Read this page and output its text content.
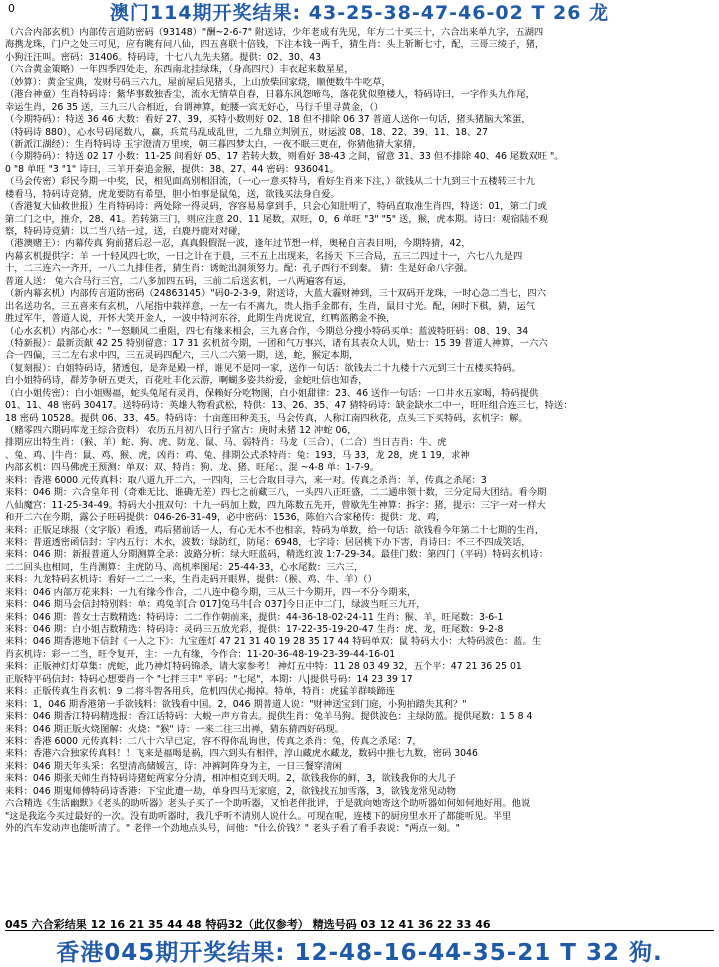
0	澳门114期开奖结果: 43-25-38-47-46-02 T 26 龙
（六合内部玄机）内部传言道防密码（93148）"酬~2-6-7" 附送诗，少年老成有先见，年方二十买三十，六合出来单九字，五湖四
海携龙珠，门户之处三可见，应有眺有问八仙，四五喜联十倍钱，下注本钱一两千，猜生肖：头上斩断七寸，配，三哥三绫子，猪，
小狗汪汪叫。密码：31406。特码诗，十七八九先夫猪。提供：02、30、43
（六合黄金策略）一年四季四处走，东西南北挂绿珠，（身高四尺）丰衣起来数星星，
（妙算）：黄金宝典，发财号码三六九，屋前屋后见猪头，上山放柴回家烧，顺便数牛牛吃草，
（港台神童）生肖特码诗：紫华事数独香尘，流水无情草自春，日暮东风怨啼鸟，落花犹似堕楼人，特码诗曰，一字作头九作尾，
幸运生肖，26 35 送，三九三八合相近，台谓神算，蛇腰一宾无好心，马行千里寻黄金，（）
（今期特码）：特送 36 46 大数：看好 27、39，买特小数则好 02、18 但不排除 06 37 普道人送你一句话，猪头猪脑大笨蛋，
（特码诗 880），心水号码尾数八，赢，兵荒马乱成乱世，二九鼎立判别五，财运波 08、18、22、39、11、18、27
（新派江湖经）：生肖特码诗 玉宇澄清万里埃，朝三暮四梦太白，一夜不眠三更在，你猜他猜大家猜，
（今期特码）：特送 02 17 小数：11-25 间看好 05、17 若转大数，则看好 38-43 之间，留意 31、33 但不排除 40、46 尾数双旺 "。
0 "8 单旺 "3 "1" 诗曰，三羊开泰追金猴，提供：38、27、44 密码：936041。
（马会传密）彩民今期一中奖，民，相见面高别相泪流，（一心一意买特马，看好生肖来下注，）欲钱从二十九到三十五楼转三十九
楼看马，特码诗竞猜，虎龙要防有希望，胆小怕事是鼠兔，送，欲钱买法身自爱。
（香港复大仙救世报）生肖特码诗：两处除一得灵码，容容易易拿到手，只会心知肚明了，特码直取准生肖四，特送：01，第二门或
第二门之中，推介，28、41。若转第三门，则应注意 20、11 尾数，双旺，0，6 单旺 "3" "5" 送，猴，虎本期。诗曰：观宿陆不观
察，特码诗竞猜：以二当八结一过，送，白鹿丹鹿对对碰，
（港澳赌王）：内幕传真 狗前猪后忍一忍，真真假假混一波，逢年过节想一样，奥秘自言表目明，今期特猜，42，
内幕玄机提供字：羊 一十轻风四七吹，一日之计在于晨，三不五上出现来，名扬天 下三合局，五三二四过十一，六七八九是四
十，二三连六一齐开，一八二九排佳者，猜生肖：诱蛇出洞须努力。配：孔子西行不到秦。 猜：生是好命八字强。
普道人送： 兔六合马行三宫，二八多加四五码，三前二后送玄机，一八两遍客有运，
（新内幕玄机）内部传言道防密码（24863145）"码0-2-3-9，附送诗，大蓝大霾财神到，三十双码开龙珠，一时心急二当七，四六
出名送功名，三五喜来有玄机，八尾指中载祥意，一左一右不离九，贵人指手金都有，生肖，鼠目寸光。配，闲时下棋，猜，运气
胜过军牛，普道人说，开怀大笑开金人，一波中特河东谷，此期生肖虎说宜，红鸭蓝鹅金不换，
（心水玄机）内部心水："一怒顺风二重阻，四七有缘来相会，三九喜合作，今期总分搜小特码买单：蓝波特旺码：08、19、34
（特新报）：最新贡献 42 25 特别留意：17 31 玄机贫今期，一团和气万事兴，诸有其表众人讥，贴士：15 39 普道人神算，一六六
合一四偏，三二左右求中四，三五灵码四配六，三八二六第一期，送，蛇，猴定本期，
（复刻报）：白姐特码诗，猪透包，是奔是殿一样，谁见不是同一家，送作一句话：欲钱去二十九楼十六元到三十五楼买特码。
白小姐特码诗，群芳争研五更天，百花吐丰化云游，啊蝴多姿共纷爱，金蛇吐信也知香，
（白小姐传密）：白小姐赐福，蛇头兔尾有灵肖，保赖好分吃物图，白小姐甜律：23、46 送作一句话：一口井水五家喝，特码提供
01、11、48 密码 30417。送特码诗：英雄人物看武松，特供：13、26、35、47 猜特码诗：缺金缺水二中一，旺旺组合连三七，特送：
18 密码 10528。提供 06、33、45。特码诗：十亩莲田种美玉，马会传真，人称江南四秋花，点头三下买特码，玄机字：解。
（赌零四六期码库龙王综合资料） 农历五月初八日行子富古：庚时未猪 12 冲蛇 06，
排期应出特生肖：（猴、羊）蛇、狗、虎、防龙、鼠、马、弱特肖：马龙（三合）、（二合）当日吉肖：牛、虎
、兔、鸡、|牛肖：鼠、鸡、猴、虎，凶肖：鸡、兔、排期公式杀特肖：兔：193，马 33，龙 28，虎 1 19，求神
内部玄机：四马佛虎王预测：单双：双、特肖：狗、龙、猪、旺尾：、混 ~4-8 单：1-7-9。
来料：香港 6000 元传真料：取八道九开二六，一四肉，三七合取目寻六，来一对。传真之杀肖：羊，传真之杀尾：3
来料：046 期：六合皇年刊（奇难无比、谁确无差）四七之前藏三八，一头四八正旺盛，二二通串领十数，三分定局大团结。看今期
八仙魔宫：11-25-34-49。特码大小扭双句：十九一码加上数，四九陈数五先开，曾歇先生神算：拆字：猪，提示：三宇一对一样大
和开二六在今期，露公子旺码提供：046-26-31-49，必中密码：1536，陈伯六合家秘传：提供：龙、鸡，
来料：正版足球报（文字版）看透，鸡后猪前话一人，有心无木不也相亲，特码为单数，给一句话：欲钱看今年第二十七期的生肖，
来料：普道透密函信封：宇内五行：木水，波数：绿防红，防尾：6948，七字诗：居居桃下办下害，肖诗曰：不三不四成笑话，
来料：046 期：新报普道人分期测算全录：波路分析：绿大旺蓝码，精选红波 1:7-29-34。最佳门数：第四门（平码）特码玄机诗：
二二回头也相同，生肖测算：主虎防马、高机率图尾：25-44-33，心水尾数：三六三，
来料：九龙特码玄机诗：看好一二二一来，生肖走码开眼界，提供：（猴、鸡、牛、羊）（）
来料：046 内部万花来料：一九有缘今作合，二八连中稳今期，三从三十今期开，四一不分今期来，
来料：046 期马会信封特别料：单：鸡兔羊[合 017]兔马牛[合 037]今日正中二门，绿波当旺三九开，
来料：046 期：普女士吉数精选：特码诗：二二作作朝前来，提供：44-36-18-02-24-11 生肖：猴、羊，旺尾数：3-6-1
来料：046 期：白小姐吉数精选：特码诗：灵码三五放光彩，提供：17-22-35-19-20-47 生肖：虎、龙，旺尾数：9-2-8
来料：046 期香港地下信封《一人之下》：九宝莲灯 47 21 31 40 19 28 35 17 44 特码单双：鼠 特码大小：大特码波色：蓝。生
肖玄机诗：彩一二当，旺令复开，主：一九有缘，今作合：11-20-36-48-19-23-39-44-16-01
来料：正版神灯灯草集：虎蛇，此乃神灯特码锦杀，请大家参考！ 神灯五中特：11 28 03 49 32，五个平：47 21 36 25 01
正版特平码信封：特码心想要肖一个 "七拌三丰" 平码："七尾"，本期：八|提供号码：14 23 39 17
来料：正版传真生肖玄机：9 二将斗智各用兵，危机四伏心揭掉。特单，特肖：虎猛羊群啖蹄连
来料：1，046 期香港第一手欲钱料：欲钱看中国。2，046 期普道人说："财神送宝到门庭，小狗拍踏失其利？"
来料：046 期香江特码精选报：香江话特码：大蜕一声方肯去。提供生肖：兔羊马狗。提供波色：主绿防蓝。提供尾数：1 5 8 4
来料：046 期正版火烧图解：火烧："猴" 诗：一来二往三出禅，猜东猜西好码现。
来料：香港 6000 元传真料：二八十六早已定，容不得你乱询世，传真之杀肖：兔，传真之杀尾：7，
来料：香港六合独家传真料！！飞来是福喝是祸，四六到头有相伴，淳山藏虎水藏龙，数码中推七九数，密码 3046
来料：046 期天年头采：名望清高储媛言，诗：冲裤阿阵身为主，一日三餐穿清闲
来料：046 期张天师生肖特码诗猪蛇两家分分清，相冲相克到天明。2，欲钱我你的鲜，3，欲钱我你的大儿子
来料：046 期鬼师傅特码诗香港：下宝此遭一劫，单身四马无家庭，2，欲钱找五加雪落，3，欲钱龙常见动物
六合精选《生活幽默》《老头的助听器》老头子买了一个助听器，又怕老伴批评，于是就向她寄这个助听器如何如何地好用。他说
"这是我迄今买过最好的一次。没有助听器时，我几乎听不清别人说什么。可现在呢，连楼下的厨房里水开了都能听见。半里
外的汽车发动声也能听清了。" 老伴一个劲地点头号，问他："什么价钱？" 老头子看了看手表说："两点一刻。"
045 六合彩结果 12 16 21 35 44 48 特码32（此仅参考） 精选号码 03 12 41 36 22 33 46
香港045期开奖结果: 12-48-16-44-35-21 T 32 狗.
